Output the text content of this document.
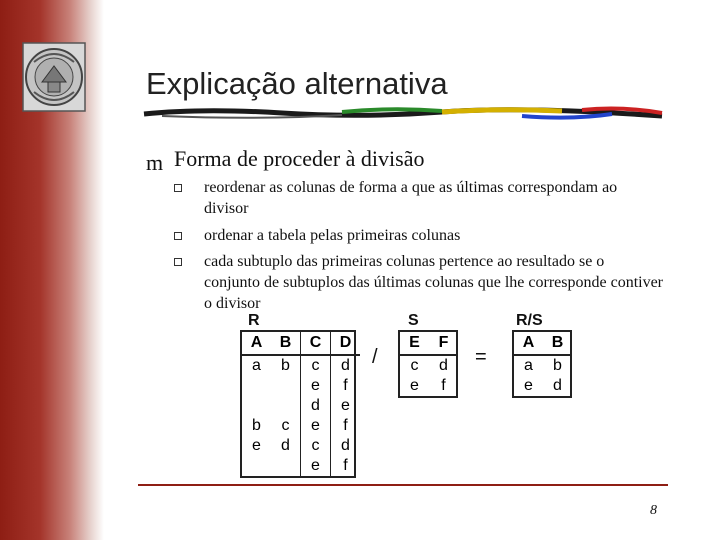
Explicação alternativa
m Forma de proceder à divisão
reordenar as colunas de forma a que as últimas correspondam ao divisor
ordenar a tabela pelas primeiras colunas
cada subtuplo das primeiras colunas pertence ao resultado se o conjunto de subtuplos das últimas colunas que lhe corresponde contiver o divisor
R
A	B	C	D
a	b	c	d
		e	f
		d	e
b	c	e	f
e	d	c	d
		e	f
/
S
E	F
c	d
e	f
=
R/S
A	B
a	b
e	d
8
